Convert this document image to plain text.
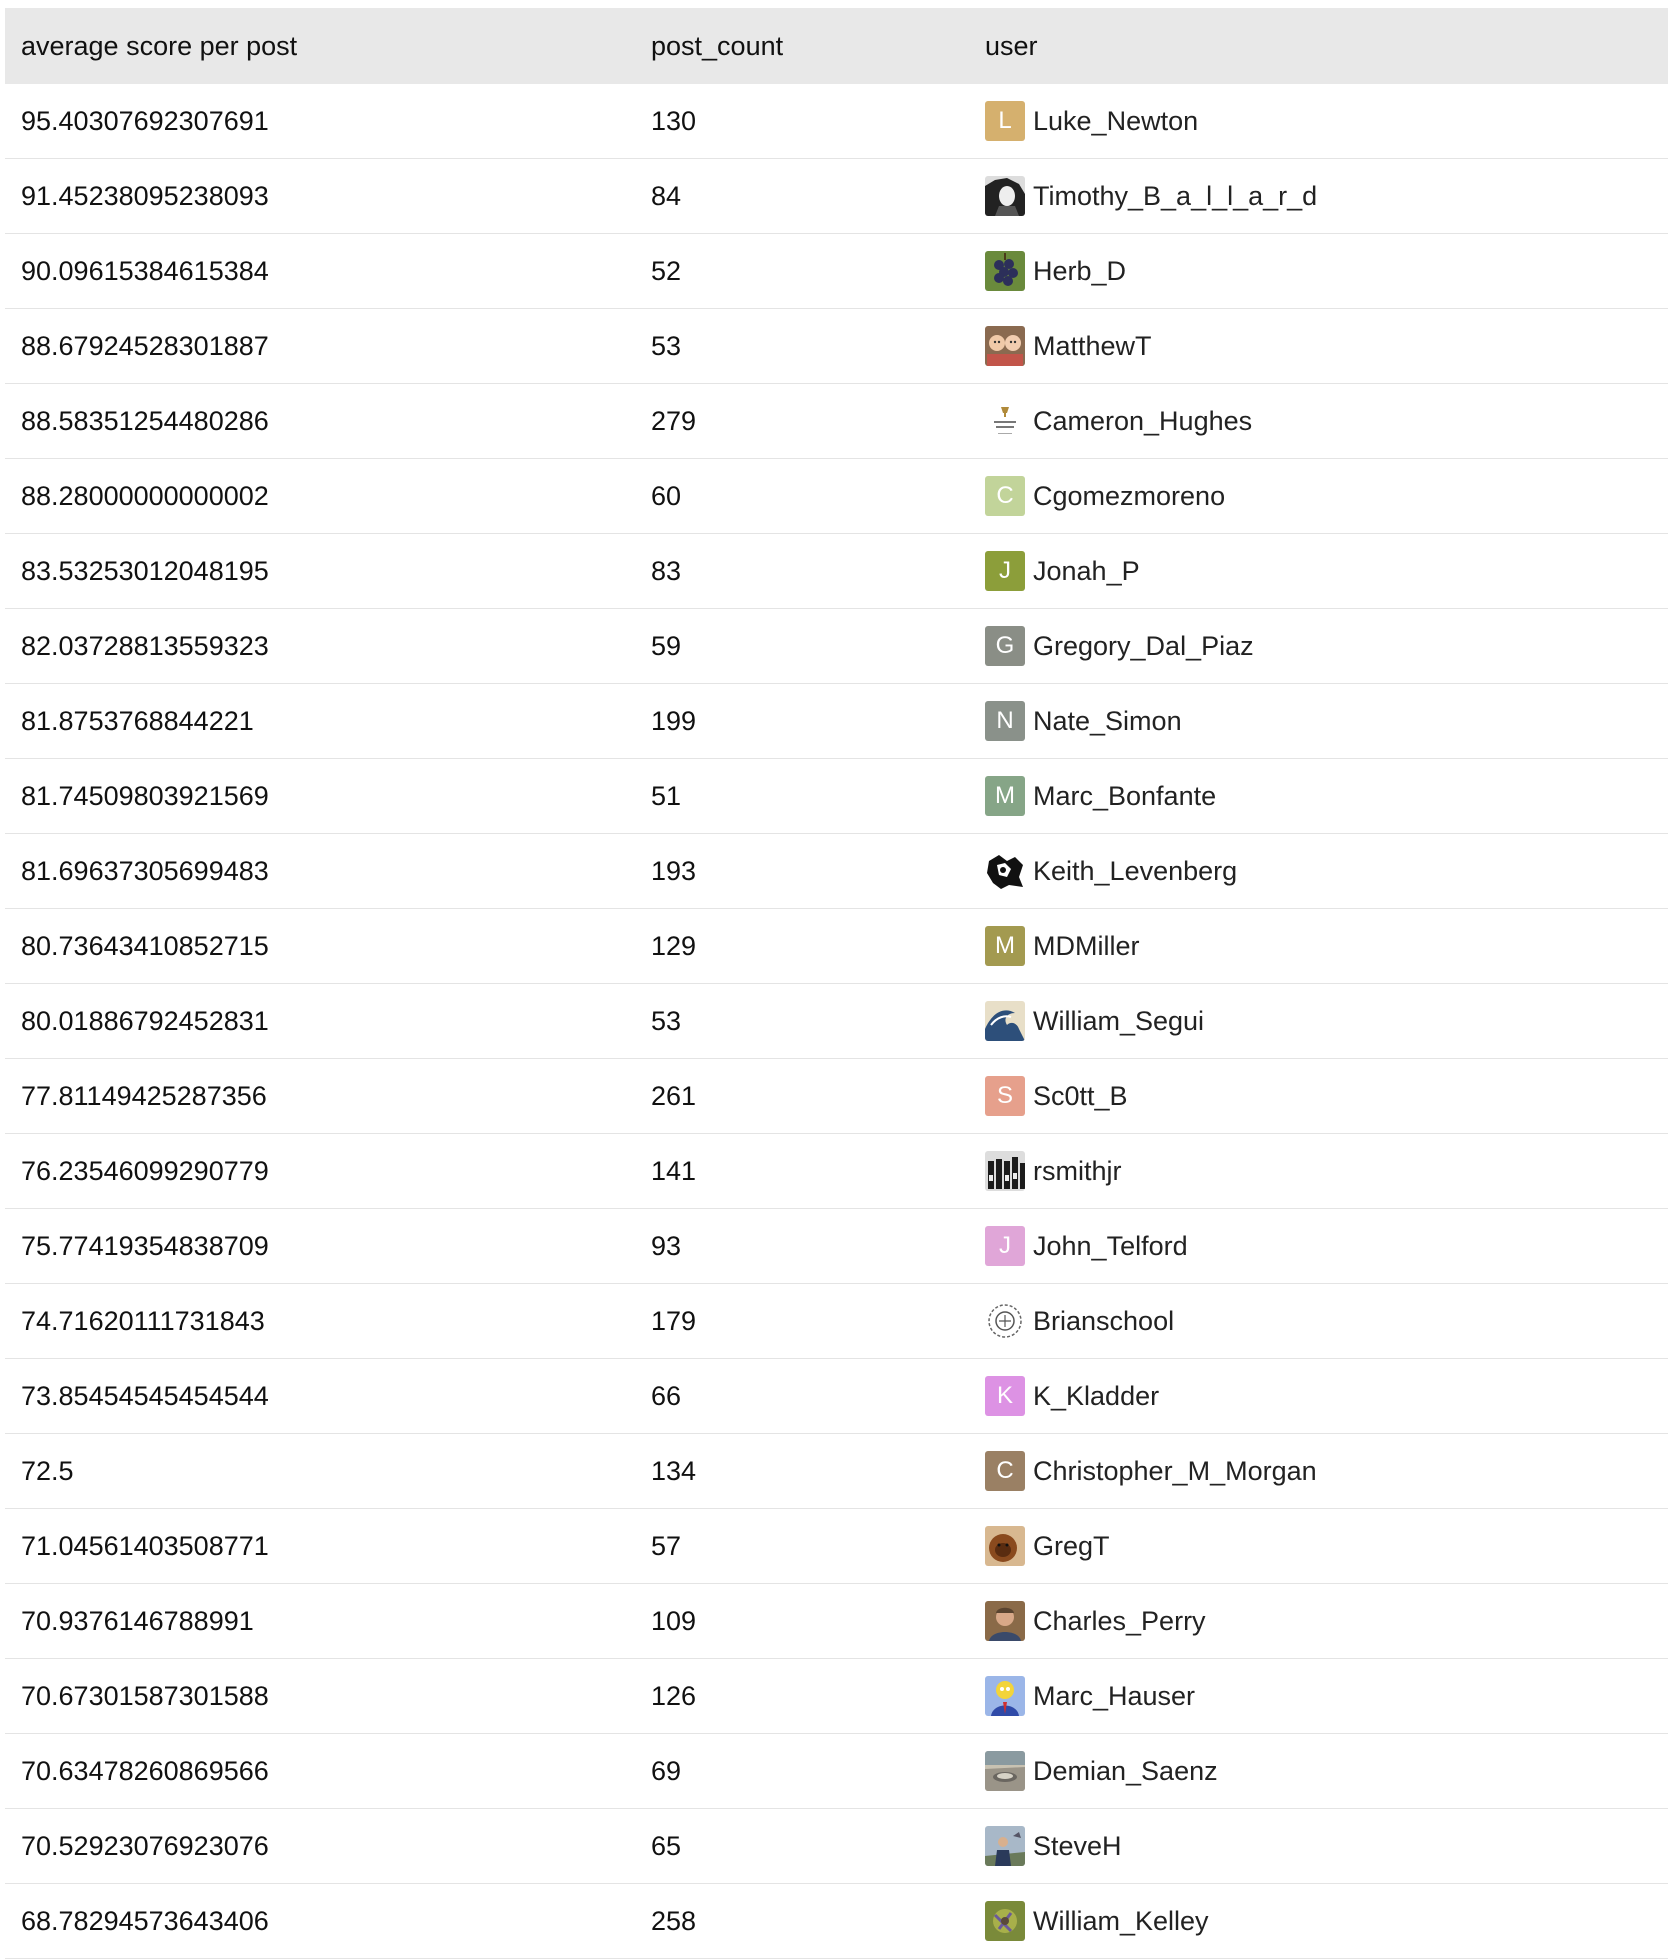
average score per post	post_count	user
95.40307692307691	130	L Luke_Newton

91.45238095238093	84	Timothy_B_a_l_l_a_r_d

90.09615384615384	52	Herb_D

88.67924528301887	53	MatthewT

88.58351254480286	279	Cameron_Hughes

88.28000000000002	60	C Cgomezmoreno

83.53253012048195	83	J Jonah_P

82.03728813559323	59	G Gregory_Dal_Piaz

81.8753768844221	199	N Nate_Simon

81.74509803921569	51	M Marc_Bonfante

81.69637305699483	193	Keith_Levenberg

80.73643410852715	129	M MDMiller

80.01886792452831	53	William_Segui

77.81149425287356	261	S Sc0tt_B

76.23546099290779	141	rsmithjr

75.77419354838709	93	J John_Telford

74.71620111731843	179	Brianschool

73.85454545454544	66	K K_Kladder

72.5	134	C Christopher_M_Morgan

71.04561403508771	57	GregT

70.9376146788991	109	Charles_Perry

70.67301587301588	126	Marc_Hauser

70.63478260869566	69	Demian_Saenz

70.52923076923076	65	SteveH

68.78294573643406	258	William_Kelley
